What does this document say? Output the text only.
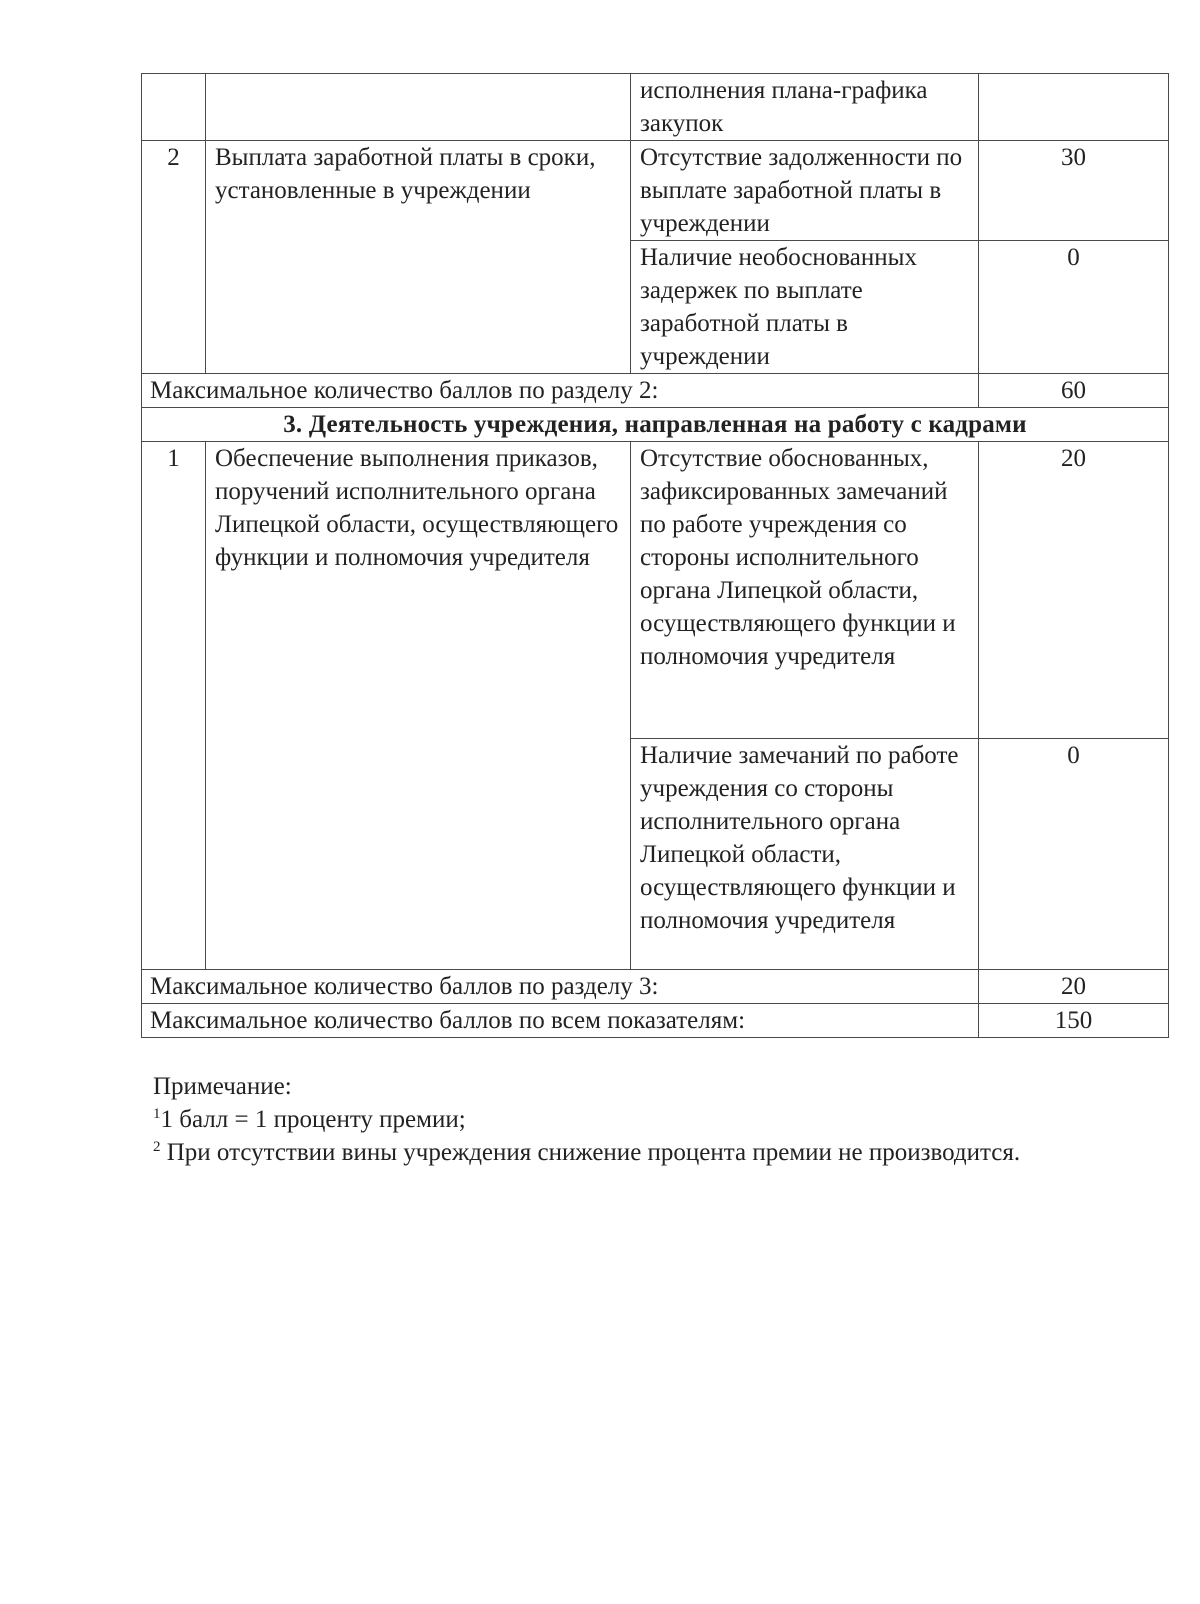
		исполнения плана-графика закупок	
2	Выплата заработной платы в сроки, установленные в учреждении	Отсутствие задолженности по выплате заработной платы в учреждении	30
		Наличие необоснованных задержек по выплате заработной платы в учреждении	0
Максимальное количество баллов по разделу 2:			60
3. Деятельность учреждения, направленная на работу с кадрами			
1	Обеспечение выполнения приказов, поручений исполнительного органа Липецкой области, осуществляющего функции и полномочия учредителя	Отсутствие обоснованных, зафиксированных замечаний по работе учреждения со стороны исполнительного органа Липецкой области, осуществляющего функции и полномочия учредителя	20
		Наличие замечаний по работе учреждения со стороны исполнительного органа Липецкой области, осуществляющего функции и полномочия учредителя	0
Максимальное количество баллов по разделу 3:			20
Максимальное количество баллов по всем показателям:			150

Примечание:

$^1$1 балл = 1 проценту премии;

$^2$ При отсутствии вины учреждения снижение процента премии не производится.
